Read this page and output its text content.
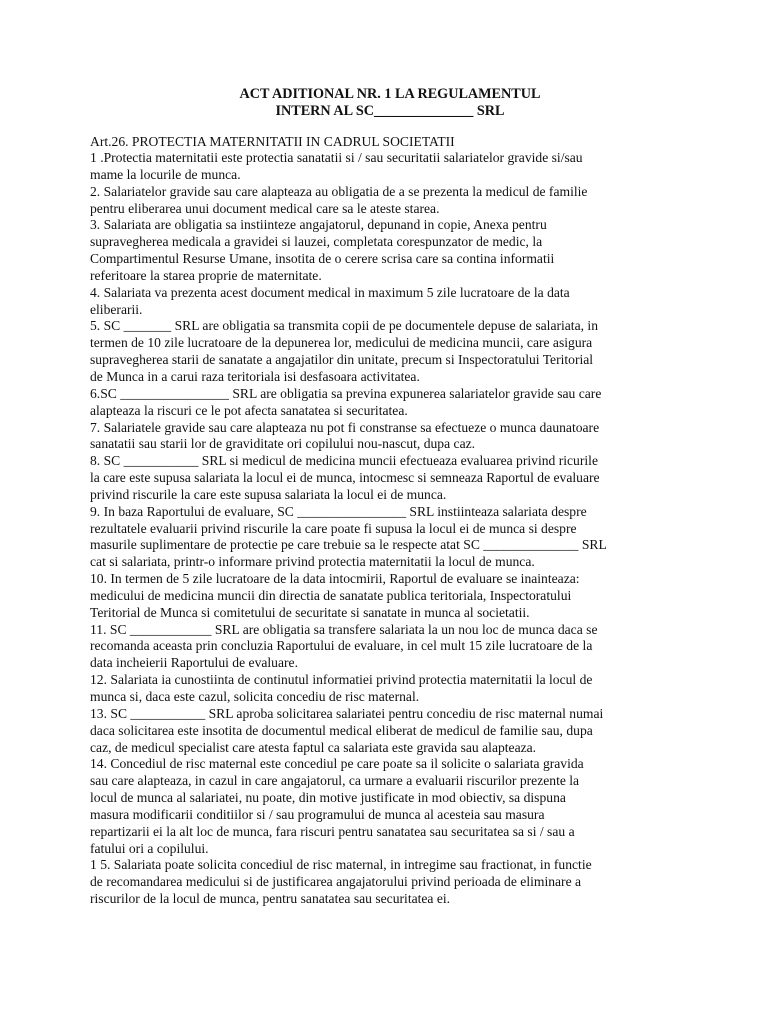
ACT ADITIONAL NR. 1 LA REGULAMENTUL
INTERN AL SC______________ SRL
Art.26. PROTECTIA MATERNITATII IN CADRUL SOCIETATII

1 .Protectia maternitatii este protectia sanatatii si / sau securitatii salariatelor gravide si/sau
mame la locurile de munca.

2. Salariatelor gravide sau care alapteaza au obligatia de a se prezenta la medicul de familie
pentru eliberarea unui document medical care sa le ateste starea.

3. Salariata are obligatia sa instiinteze angajatorul, depunand in copie, Anexa pentru
supravegherea medicala a gravidei si lauzei, completata corespunzator de medic, la
Compartimentul Resurse Umane, insotita de o cerere scrisa care sa contina informatii
referitoare la starea proprie de maternitate.

4. Salariata va prezenta acest document medical in maximum 5 zile lucratoare de la data
eliberarii.

5. SC _______ SRL are obligatia sa transmita copii de pe documentele depuse de salariata, in
termen de 10 zile lucratoare de la depunerea lor, medicului de medicina muncii, care asigura
supravegherea starii de sanatate a angajatilor din unitate, precum si Inspectoratului Teritorial
de Munca in a carui raza teritoriala isi desfasoara activitatea.

6.SC ________________ SRL are obligatia sa previna expunerea salariatelor gravide sau care
alapteaza la riscuri ce le pot afecta sanatatea si securitatea.

7. Salariatele gravide sau care alapteaza nu pot fi constranse sa efectueze o munca daunatoare
sanatatii sau starii lor de graviditate ori copilului nou-nascut, dupa caz.

8. SC ___________ SRL si medicul de medicina muncii efectueaza evaluarea privind ricurile
la care este supusa salariata la locul ei de munca, intocmesc si semneaza Raportul de evaluare
privind riscurile la care este supusa salariata la locul ei de munca.

9. In baza Raportului de evaluare, SC ________________ SRL instiinteaza salariata despre
rezultatele evaluarii privind riscurile la care poate fi supusa la locul ei de munca si despre
masurile suplimentare de protectie pe care trebuie sa le respecte atat SC ______________ SRL
cat si salariata, printr-o informare privind protectia maternitatii la locul de munca.

10. In termen de 5 zile lucratoare de la data intocmirii, Raportul de evaluare se inainteaza:
medicului de medicina muncii din directia de sanatate publica teritoriala, Inspectoratului
Teritorial de Munca si comitetului de securitate si sanatate in munca al societatii.

11. SC ____________ SRL are obligatia sa transfere salariata la un nou loc de munca daca se
recomanda aceasta prin concluzia Raportului de evaluare, in cel mult 15 zile lucratoare de la
data incheierii Raportului de evaluare.

12. Salariata ia cunostiinta de continutul informatiei privind protectia maternitatii la locul de
munca si, daca este cazul, solicita concediu de risc maternal.

13. SC ___________ SRL aproba solicitarea salariatei pentru concediu de risc maternal numai
daca solicitarea este insotita de documentul medical eliberat de medicul de familie sau, dupa
caz, de medicul specialist care atesta faptul ca salariata este gravida sau alapteaza.

14. Concediul de risc maternal este concediul pe care poate sa il solicite o salariata gravida
sau care alapteaza, in cazul in care angajatorul, ca urmare a evaluarii riscurilor prezente la
locul de munca al salariatei, nu poate, din motive justificate in mod obiectiv, sa dispuna
masura modificarii conditiilor si / sau programului de munca al acesteia sau masura
repartizarii ei la alt loc de munca, fara riscuri pentru sanatatea sau securitatea sa si / sau a
fatului ori a copilului.

1 5. Salariata poate solicita concediul de risc maternal, in intregime sau fractionat, in functie
de recomandarea medicului si de justificarea angajatorului privind perioada de eliminare a
riscurilor de la locul de munca, pentru sanatatea sau securitatea ei.
